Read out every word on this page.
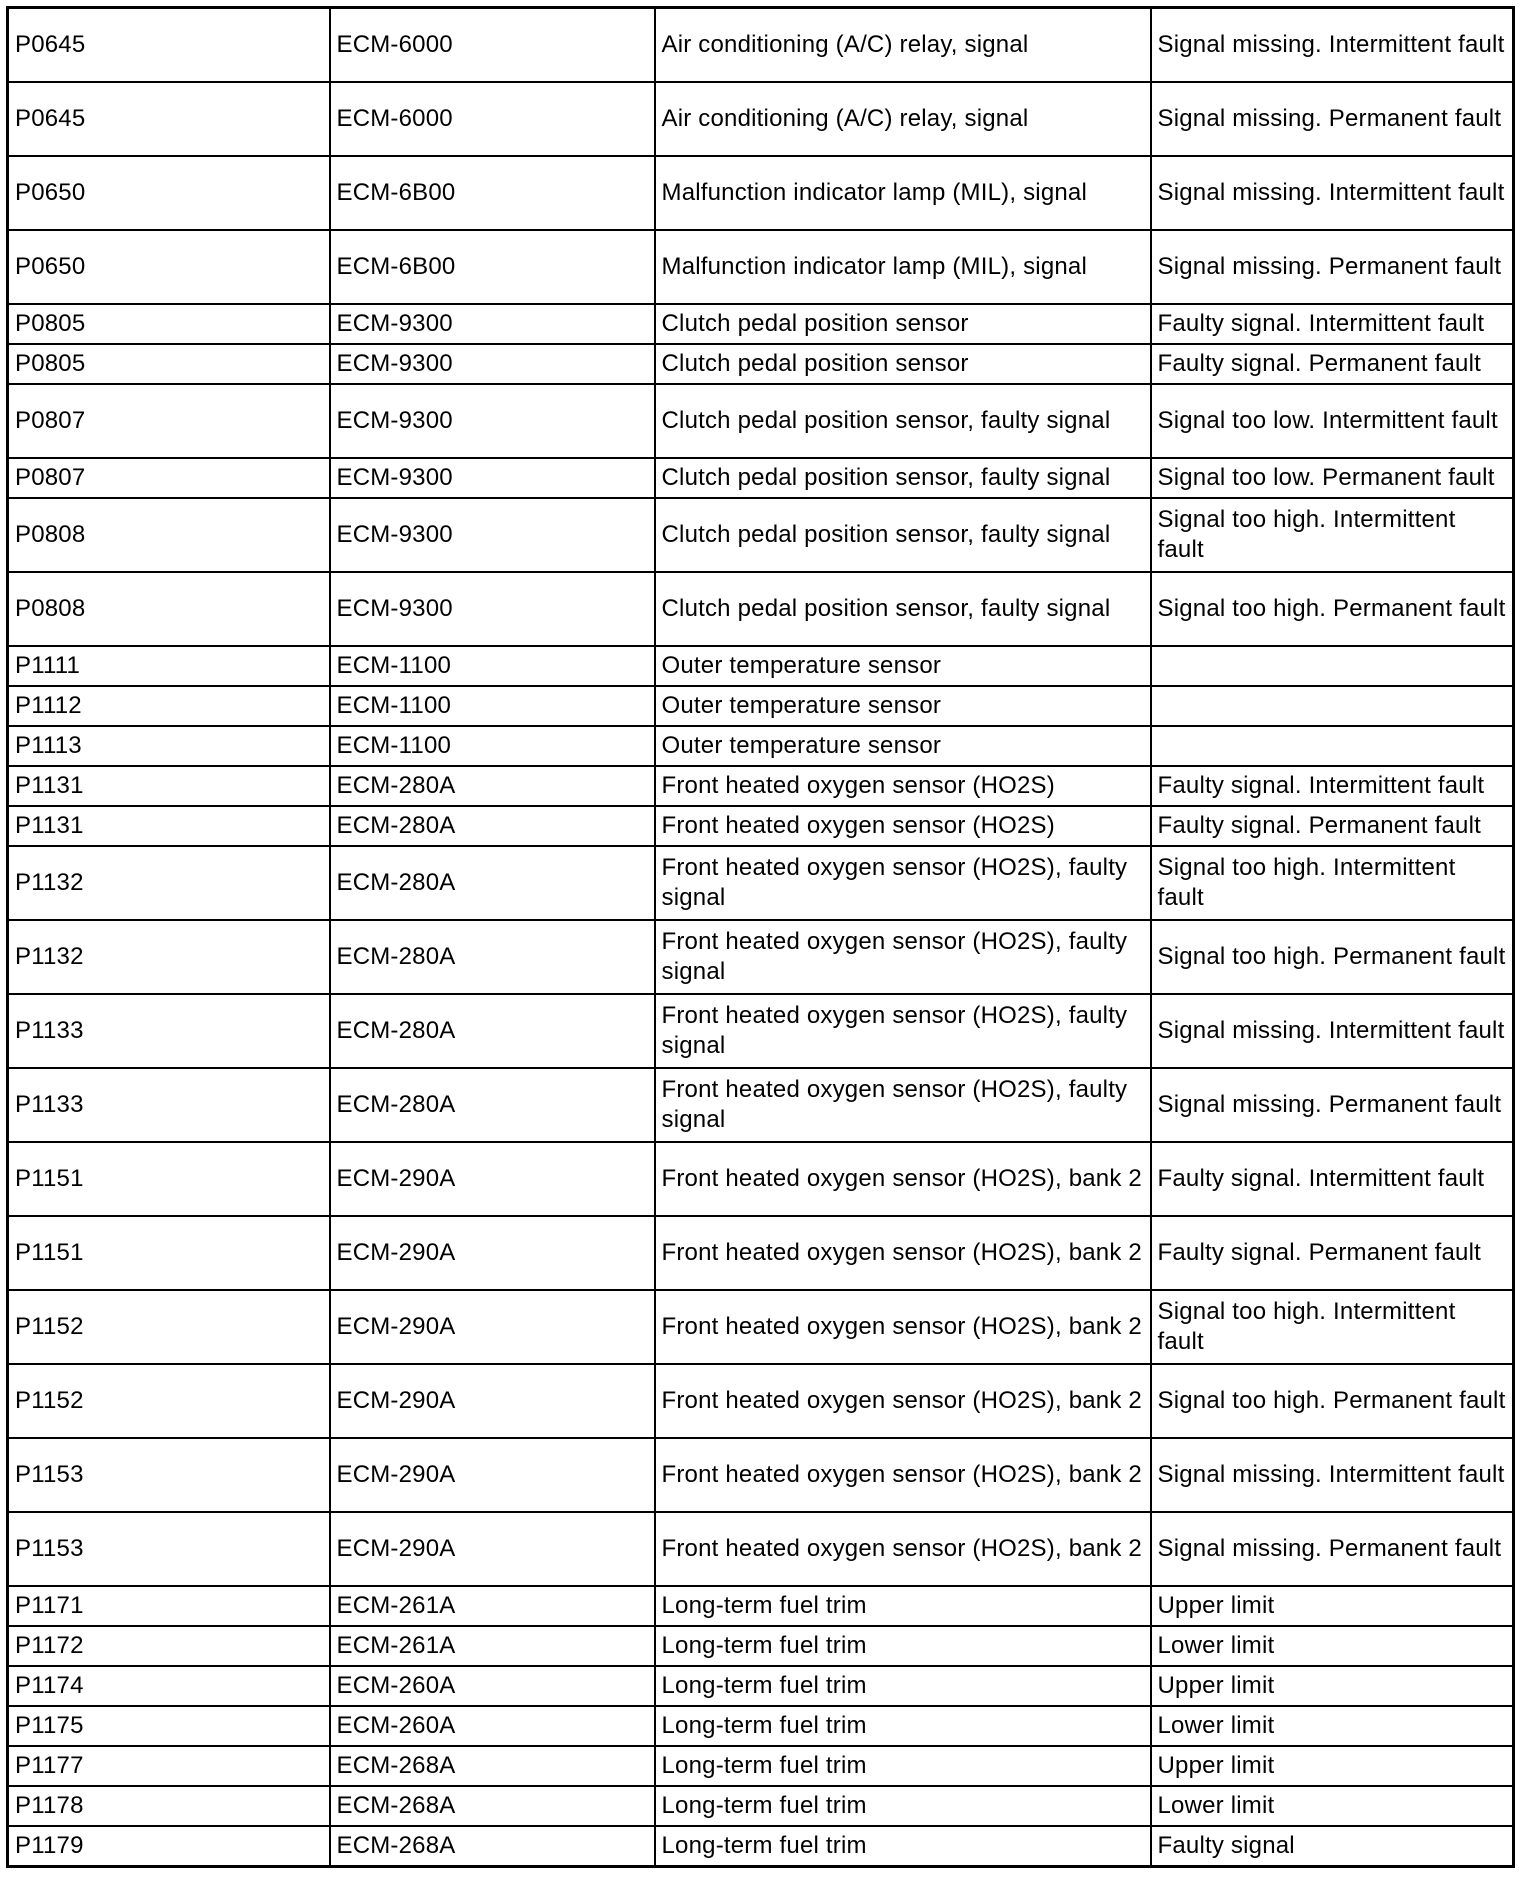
P0645	ECM-6000	Air conditioning (A/C) relay, signal	Signal missing. Intermittent fault
P0645	ECM-6000	Air conditioning (A/C) relay, signal	Signal missing. Permanent fault
P0650	ECM-6B00	Malfunction indicator lamp (MIL), signal	Signal missing. Intermittent fault
P0650	ECM-6B00	Malfunction indicator lamp (MIL), signal	Signal missing. Permanent fault
P0805	ECM-9300	Clutch pedal position sensor	Faulty signal. Intermittent fault
P0805	ECM-9300	Clutch pedal position sensor	Faulty signal. Permanent fault
P0807	ECM-9300	Clutch pedal position sensor, faulty signal	Signal too low. Intermittent fault
P0807	ECM-9300	Clutch pedal position sensor, faulty signal	Signal too low. Permanent fault
P0808	ECM-9300	Clutch pedal position sensor, faulty signal	Signal too high. Intermittent fault
P0808	ECM-9300	Clutch pedal position sensor, faulty signal	Signal too high. Permanent fault
P1111	ECM-1100	Outer temperature sensor	
P1112	ECM-1100	Outer temperature sensor	
P1113	ECM-1100	Outer temperature sensor	
P1131	ECM-280A	Front heated oxygen sensor (HO2S)	Faulty signal. Intermittent fault
P1131	ECM-280A	Front heated oxygen sensor (HO2S)	Faulty signal. Permanent fault
P1132	ECM-280A	Front heated oxygen sensor (HO2S), faulty signal	Signal too high. Intermittent fault
P1132	ECM-280A	Front heated oxygen sensor (HO2S), faulty signal	Signal too high. Permanent fault
P1133	ECM-280A	Front heated oxygen sensor (HO2S), faulty signal	Signal missing. Intermittent fault
P1133	ECM-280A	Front heated oxygen sensor (HO2S), faulty signal	Signal missing. Permanent fault
P1151	ECM-290A	Front heated oxygen sensor (HO2S), bank 2	Faulty signal. Intermittent fault
P1151	ECM-290A	Front heated oxygen sensor (HO2S), bank 2	Faulty signal. Permanent fault
P1152	ECM-290A	Front heated oxygen sensor (HO2S), bank 2	Signal too high. Intermittent fault
P1152	ECM-290A	Front heated oxygen sensor (HO2S), bank 2	Signal too high. Permanent fault
P1153	ECM-290A	Front heated oxygen sensor (HO2S), bank 2	Signal missing. Intermittent fault
P1153	ECM-290A	Front heated oxygen sensor (HO2S), bank 2	Signal missing. Permanent fault
P1171	ECM-261A	Long-term fuel trim	Upper limit
P1172	ECM-261A	Long-term fuel trim	Lower limit
P1174	ECM-260A	Long-term fuel trim	Upper limit
P1175	ECM-260A	Long-term fuel trim	Lower limit
P1177	ECM-268A	Long-term fuel trim	Upper limit
P1178	ECM-268A	Long-term fuel trim	Lower limit
P1179	ECM-268A	Long-term fuel trim	Faulty signal
